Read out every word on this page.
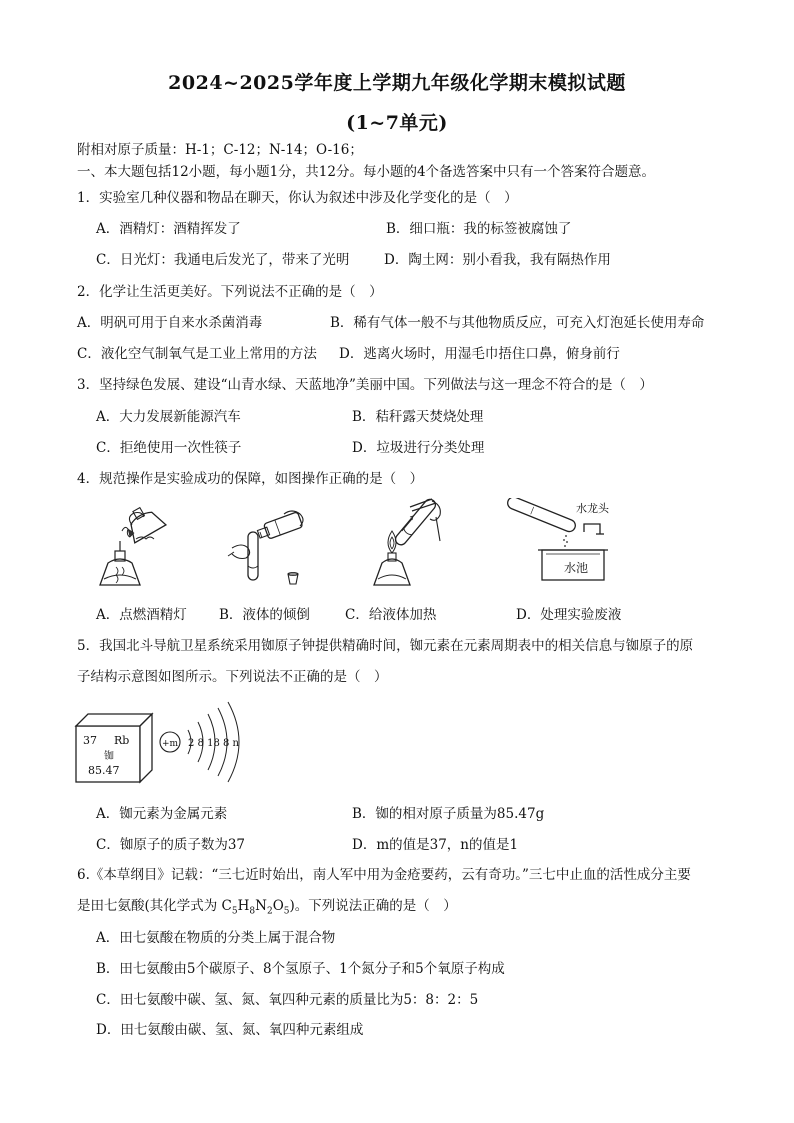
2024~2025学年度上学期九年级化学期末模拟试题
(1~7单元)
附相对原子质量：H-1；C-12；N-14；O-16；
一、本大题包括12小题，每小题1分，共12分。每小题的4个备选答案中只有一个答案符合题意。
1．实验室几种仪器和物品在聊天，你认为叙述中涉及化学变化的是（　）
A．酒精灯：酒精挥发了	B．细口瓶：我的标签被腐蚀了
C．日光灯：我通电后发光了，带来了光明	D．陶土网：别小看我，我有隔热作用
2．化学让生活更美好。下列说法不正确的是（　）
A．明矾可用于自来水杀菌消毒	B．稀有气体一般不与其他物质反应，可充入灯泡延长使用寿命
C．液化空气制氧气是工业上常用的方法 D．逃离火场时，用湿毛巾捂住口鼻，俯身前行
3．坚持绿色发展、建设“山青水绿、天蓝地净”美丽中国。下列做法与这一理念不符合的是（　）
A．大力发展新能源汽车	B．秸秆露天焚烧处理
C．拒绝使用一次性筷子	D．垃圾进行分类处理
4．规范操作是实验成功的保障，如图操作正确的是（　）
水龙头
水池
A．点燃酒精灯 B．液体的倾倒	C．给液体加热	D．处理实验废液
5．我国北斗导航卫星系统采用铷原子钟提供精确时间，铷元素在元素周期表中的相关信息与铷原子的原
子结构示意图如图所示。下列说法不正确的是（　）
37 Rb
铷
85.47
+m 2 8 18 8 n
A．铷元素为金属元素	B．铷的相对原子质量为85.47g
C．铷原子的质子数为37	D．m的值是37，n的值是1
6.《本草纲目》记载：“三七近时始出，南人军中用为金疮要药，云有奇功。”三七中止血的活性成分主要
是田七氨酸(其化学式为 $C_5H_8N_2O_5$)。下列说法正确的是（　）
A．田七氨酸在物质的分类上属于混合物
B．田七氨酸由5个碳原子、8个氢原子、1个氮分子和5个氧原子构成
C．田七氨酸中碳、氢、氮、氧四种元素的质量比为5：8：2：5
D．田七氨酸由碳、氢、氮、氧四种元素组成
